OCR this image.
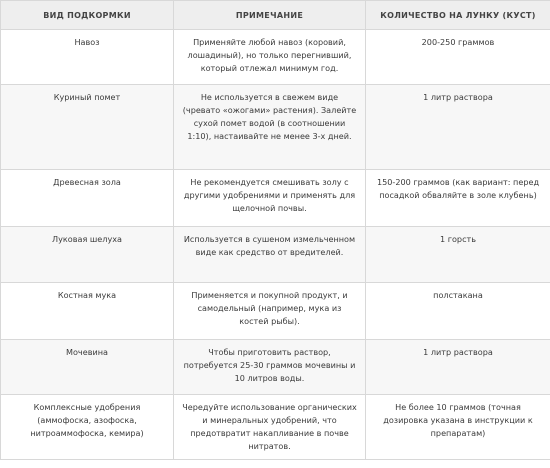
ВИД ПОДКОРМКИ	ПРИМЕЧАНИЕ	КОЛИЧЕСТВО НА ЛУНКУ (КУСТ)
Навоз	Применяйте любой навоз (коровий, лошадиный), но только перегнивший, который отлежал минимум год.	200-250 граммов
Куриный помет	Не используется в свежем виде (чревато «ожогами» растения). Залейте сухой помет водой (в соотношении 1:10), настаивайте не менее 3-х дней.	1 литр раствора
Древесная зола	Не рекомендуется смешивать золу с другими удобрениями и применять для щелочной почвы.	150-200 граммов (как вариант: перед посадкой обваляйте в золе клубень)
Луковая шелуха	Используется в сушеном измельченном виде как средство от вредителей.	1 горсть
Костная мука	Применяется и покупной продукт, и самодельный (например, мука из костей рыбы).	полстакана
Мочевина	Чтобы приготовить раствор, потребуется 25-30 граммов мочевины и 10 литров воды.	1 литр раствора
Комплексные удобрения (аммофоска, азофоска, нитроаммофоска, кемира)	Чередуйте использование органических и минеральных удобрений, что предотвратит накапливание в почве нитратов.	Не более 10 граммов (точная дозировка указана в инструкции к препаратам)
